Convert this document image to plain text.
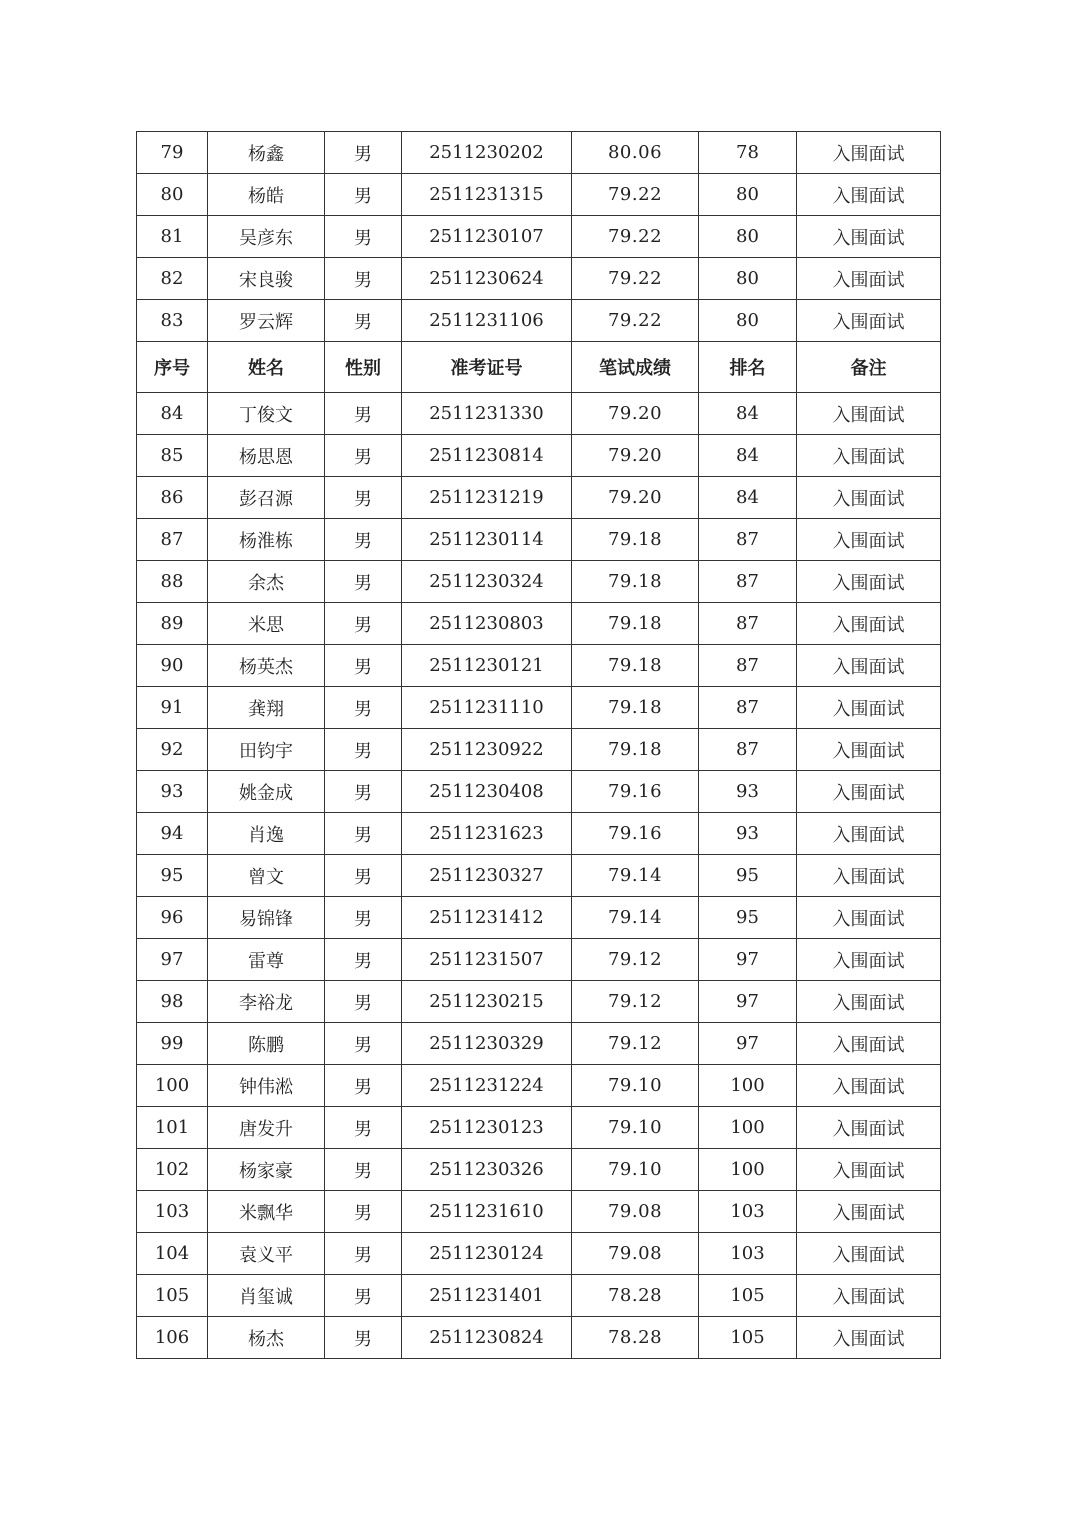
79	杨鑫	男	2511230202	80.06	78	入围面试
80	杨皓	男	2511231315	79.22	80	入围面试
81	吴彦东	男	2511230107	79.22	80	入围面试
82	宋良骏	男	2511230624	79.22	80	入围面试
83	罗云辉	男	2511231106	79.22	80	入围面试
序号	姓名	性别	准考证号	笔试成绩	排名	备注
84	丁俊文	男	2511231330	79.20	84	入围面试
85	杨思恩	男	2511230814	79.20	84	入围面试
86	彭召源	男	2511231219	79.20	84	入围面试
87	杨淮栋	男	2511230114	79.18	87	入围面试
88	余杰	男	2511230324	79.18	87	入围面试
89	米思	男	2511230803	79.18	87	入围面试
90	杨英杰	男	2511230121	79.18	87	入围面试
91	龚翔	男	2511231110	79.18	87	入围面试
92	田钧宇	男	2511230922	79.18	87	入围面试
93	姚金成	男	2511230408	79.16	93	入围面试
94	肖逸	男	2511231623	79.16	93	入围面试
95	曾文	男	2511230327	79.14	95	入围面试
96	易锦锋	男	2511231412	79.14	95	入围面试
97	雷尊	男	2511231507	79.12	97	入围面试
98	李裕龙	男	2511230215	79.12	97	入围面试
99	陈鹏	男	2511230329	79.12	97	入围面试
100	钟伟淞	男	2511231224	79.10	100	入围面试
101	唐发升	男	2511230123	79.10	100	入围面试
102	杨家豪	男	2511230326	79.10	100	入围面试
103	米飘华	男	2511231610	79.08	103	入围面试
104	袁义平	男	2511230124	79.08	103	入围面试
105	肖玺诚	男	2511231401	78.28	105	入围面试
106	杨杰	男	2511230824	78.28	105	入围面试
